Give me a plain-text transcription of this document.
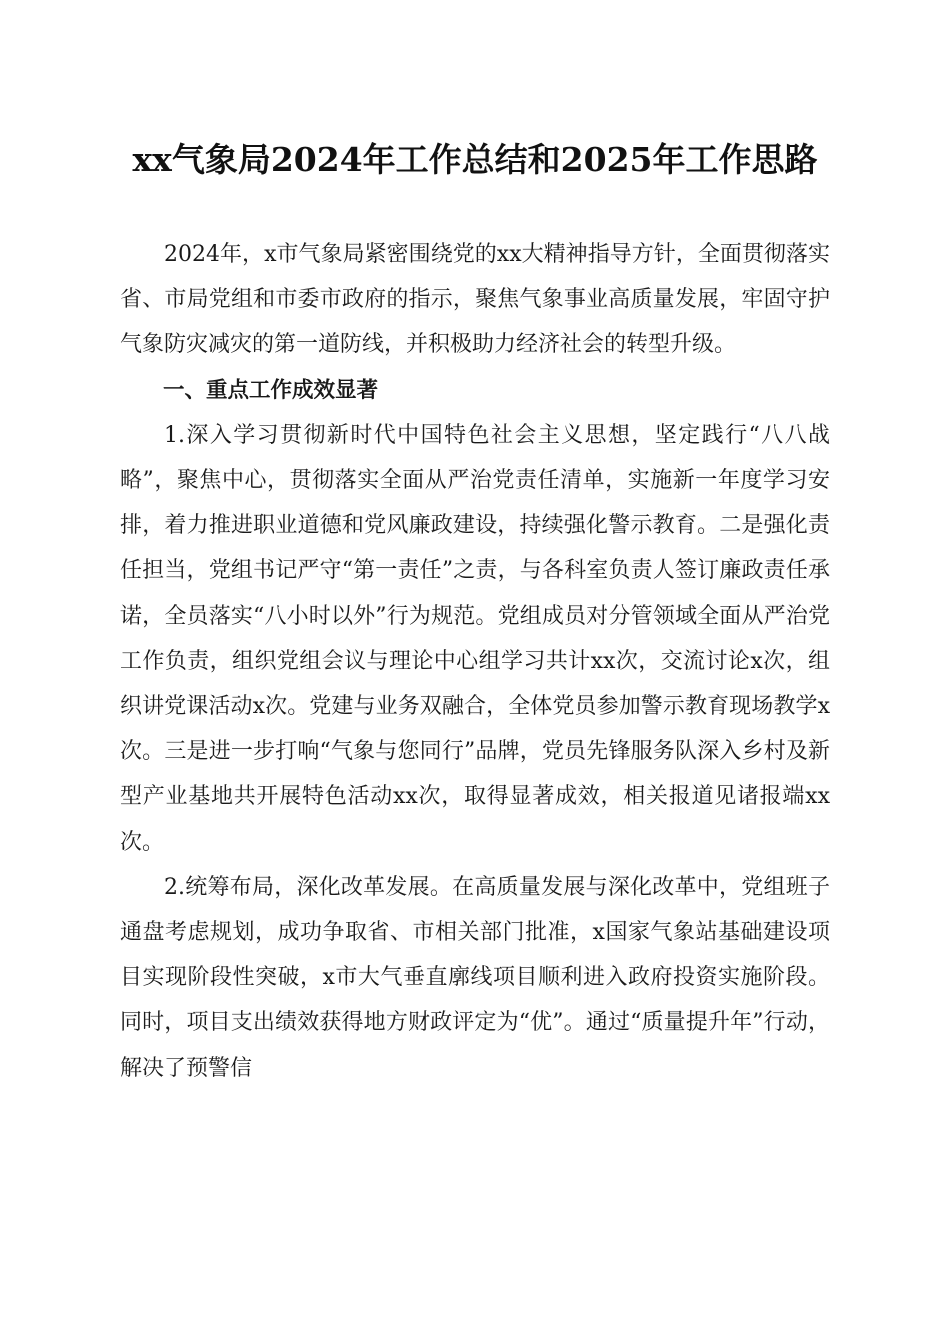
xx气象局2024年工作总结和2025年工作思路

2024年，x市气象局紧密围绕党的xx大精神指导方针，全面贯彻落实省、市局党组和市委市政府的指示，聚焦气象事业高质量发展，牢固守护气象防灾减灾的第一道防线，并积极助力经济社会的转型升级。

一、重点工作成效显著

1.深入学习贯彻新时代中国特色社会主义思想，坚定践行“八八战略”，聚焦中心，贯彻落实全面从严治党责任清单，实施新一年度学习安排，着力推进职业道德和党风廉政建设，持续强化警示教育。二是强化责任担当，党组书记严守“第一责任”之责，与各科室负责人签订廉政责任承诺，全员落实“八小时以外”行为规范。党组成员对分管领域全面从严治党工作负责，组织党组会议与理论中心组学习共计xx次，交流讨论x次，组织讲党课活动x次。党建与业务双融合，全体党员参加警示教育现场教学x次。三是进一步打响“气象与您同行”品牌，党员先锋服务队深入乡村及新型产业基地共开展特色活动xx次，取得显著成效，相关报道见诸报端xx次。

2.统筹布局，深化改革发展。在高质量发展与深化改革中，党组班子通盘考虑规划，成功争取省、市相关部门批准，x国家气象站基础建设项目实现阶段性突破，x市大气垂直廓线项目顺利进入政府投资实施阶段。同时，项目支出绩效获得地方财政评定为“优”。通过“质量提升年”行动，解决了预警信
